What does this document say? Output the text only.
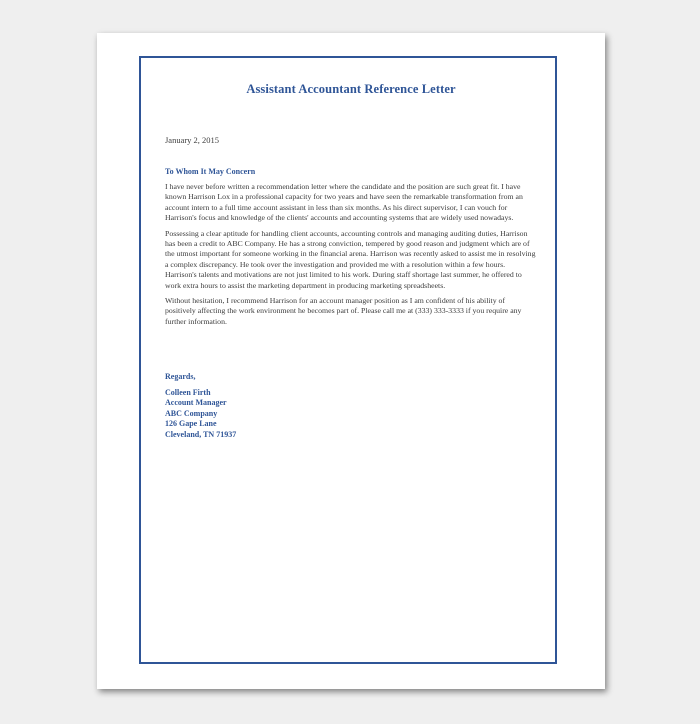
Assistant Accountant Reference Letter
January 2, 2015
To Whom It May Concern

I have never before written a recommendation letter where the candidate and the position are such great fit. I have known Harrison Lox in a professional capacity for two years and have seen the remarkable transformation from an account intern to a full time account assistant in less than six months. As his direct supervisor, I can vouch for Harrison's focus and knowledge of the clients' accounts and accounting systems that are widely used nowadays.

Possessing a clear aptitude for handling client accounts, accounting controls and managing auditing duties, Harrison has been a credit to ABC Company. He has a strong conviction, tempered by good reason and judgment which are of the utmost important for someone working in the financial arena. Harrison was recently asked to assist me in resolving a complex discrepancy. He took over the investigation and provided me with a resolution within a few hours. Harrison's talents and motivations are not just limited to his work. During staff shortage last summer, he offered to work extra hours to assist the marketing department in producing marketing spreadsheets.

Without hesitation, I recommend Harrison for an account manager position as I am confident of his ability of positively affecting the work environment he becomes part of. Please call me at (333) 333-3333 if you require any further information.

Regards,
Colleen Firth
Account Manager
ABC Company
126 Gape Lane
Cleveland, TN 71937
